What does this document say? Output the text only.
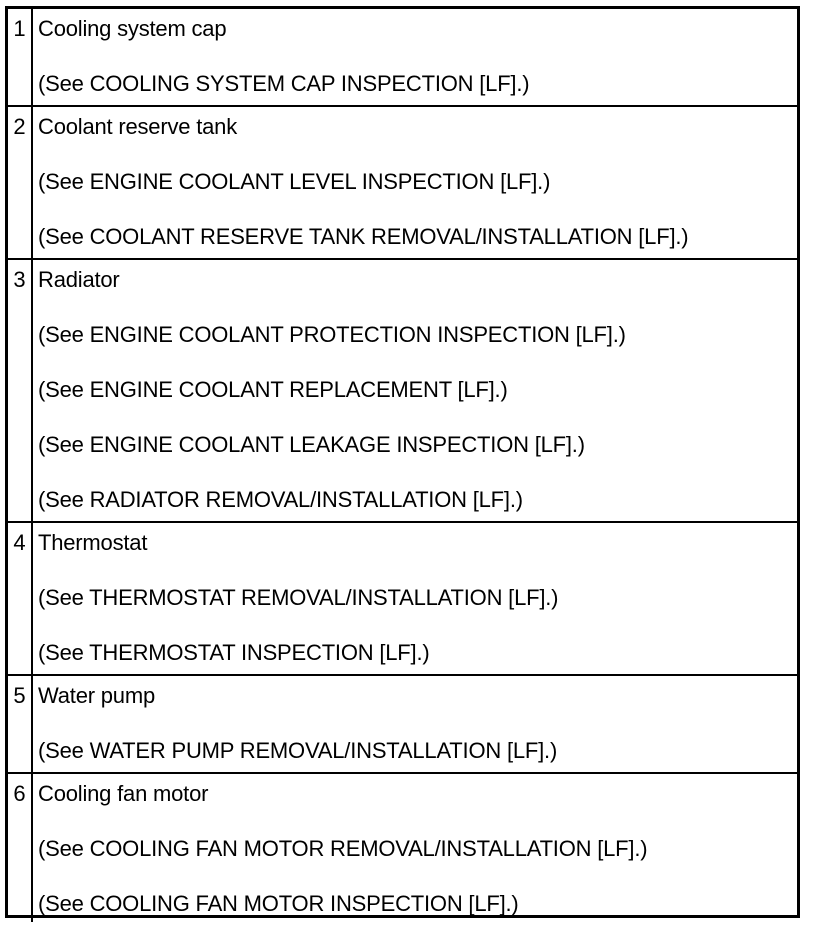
1 Cooling system cap
(See COOLING SYSTEM CAP INSPECTION [LF].)
2 Coolant reserve tank
(See ENGINE COOLANT LEVEL INSPECTION [LF].)
(See COOLANT RESERVE TANK REMOVAL/INSTALLATION [LF].)
3 Radiator
(See ENGINE COOLANT PROTECTION INSPECTION [LF].)
(See ENGINE COOLANT REPLACEMENT [LF].)
(See ENGINE COOLANT LEAKAGE INSPECTION [LF].)
(See RADIATOR REMOVAL/INSTALLATION [LF].)
4 Thermostat
(See THERMOSTAT REMOVAL/INSTALLATION [LF].)
(See THERMOSTAT INSPECTION [LF].)
5 Water pump
(See WATER PUMP REMOVAL/INSTALLATION [LF].)
6 Cooling fan motor
(See COOLING FAN MOTOR REMOVAL/INSTALLATION [LF].)
(See COOLING FAN MOTOR INSPECTION [LF].)
